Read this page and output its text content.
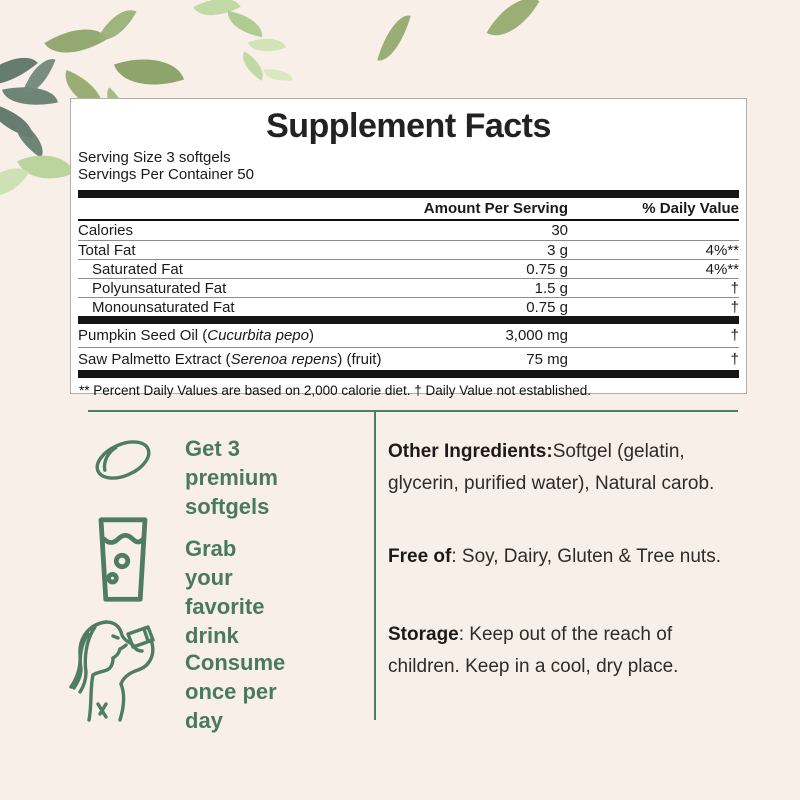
Supplement Facts
Serving Size 3 softgels
Servings Per Container 50
Amount Per Serving	% Daily Value
Calories	30
Total Fat	3 g	4%**
Saturated Fat	0.75 g	4%**
Polyunsaturated Fat	1.5 g	†
Monounsaturated Fat	0.75 g	†
Pumpkin Seed Oil (Cucurbita pepo)	3,000 mg	†
Saw Palmetto Extract (Serenoa repens) (fruit)	75 mg	†
** Percent Daily Values are based on 2,000 calorie diet. † Daily Value not established.
Get 3 premium
softgels
Grab your
favorite drink
Consume
once per day

Other Ingredients:Softgel (gelatin, glycerin, purified water), Natural carob.

Free of: Soy, Dairy, Gluten & Tree nuts.

Storage: Keep out of the reach of children. Keep in a cool, dry place.
